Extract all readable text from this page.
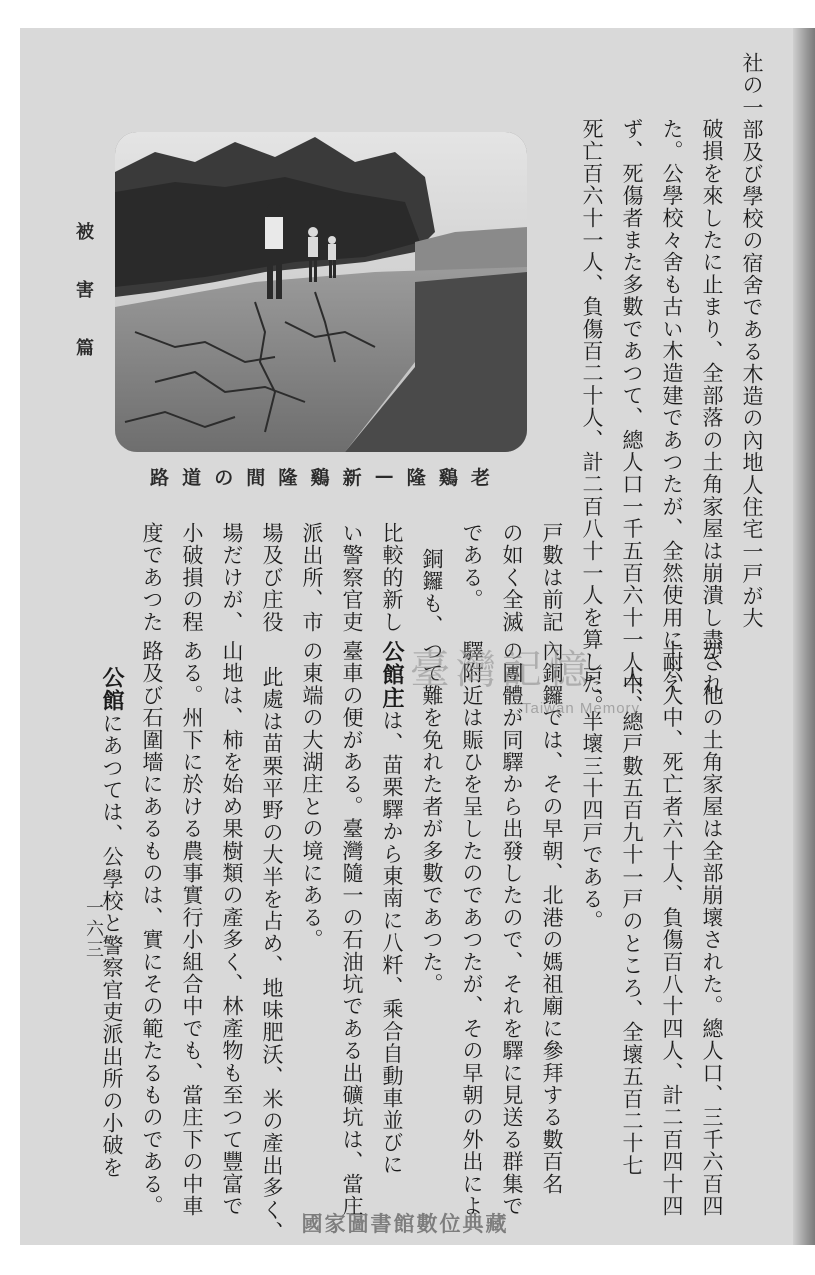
被害篇
一六三
路 道 の 間 隆 鷄 新 — 隆 鷄 老	社の一部及び學校の宿舍である木造の內地人住宅一戸が大
破損を來したに止まり、全部落の土角家屋は崩潰し盡され
た。公學校々舍も古い木造建であつたが、全然使用に耐え
ず、死傷者また多數であつて、總人口一千五百六十一人中、
死亡百六十一人、負傷百二十人、計二百八十一人を算した。
戸數は前記
の如く全滅
である。
銅鑼も、
比較的新し
い警察官吏
派出所、市
場及び庄役
場だけが、
小破損の程
度であつた
が、他の土角家屋は全部崩壞された。總人口、三千六百四
十六人中、死亡者六十人、負傷百八十四人、計二百四十四
人、總戸數五百九十一戸のところ、全壞五百二十七
戸、半壞三十四戸である。
內銅鑼では、その早朝、北港の媽祖廟に參拜する數百名
の團體が同驛から出發したので、それを驛に見送る群集で
驛附近は賑ひを呈したのであつたが、その早朝の外出によ
つて難を免れた者が多數であつた。
公館庄は、苗栗驛から東南に八粁、乘合自動車並びに
臺車の便がある。臺灣隨一の石油坑である出礦坑は、當庄
の東端の大湖庄との境にある。
此處は苗栗平野の大半を占め、地味肥沃、米の產出多く、
山地は、柿を始め果樹類の產多く、林產物も至つて豐富で
ある。州下に於ける農事實行小組合中でも、當庄下の中車
路及び石圍墻にあるものは、實にその範たるものである。
公館にあつては、公學校と警察官吏派出所の小破を
臺灣記憶
Taiwan Memory
國家圖書館數位典藏
